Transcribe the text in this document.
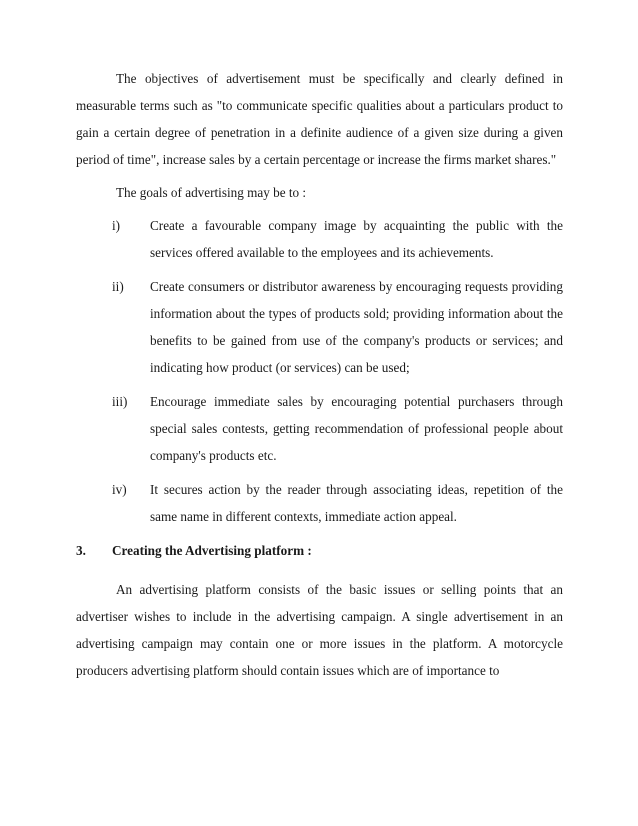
The objectives of advertisement must be specifically and clearly defined in measurable terms such as "to communicate specific qualities about a particulars product to gain a certain degree of penetration in a definite audience of a given size during a given period of time", increase sales by a certain percentage or increase the firms market shares."

The goals of advertising may be to :
i) Create a favourable company image by acquainting the public with the services offered available to the employees and its achievements.
ii) Create consumers or distributor awareness by encouraging requests providing information about the types of products sold; providing information about the benefits to be gained from use of the company's products or services; and indicating how product (or services) can be used;
iii) Encourage immediate sales by encouraging potential purchasers through special sales contests, getting recommendation of professional people about company's products etc.
iv) It secures action by the reader through associating ideas, repetition of the same name in different contexts, immediate action appeal.
3. Creating the Advertising platform :

An advertising platform consists of the basic issues or selling points that an advertiser wishes to include in the advertising campaign. A single advertisement in an advertising campaign may contain one or more issues in the platform. A motorcycle producers advertising platform should contain issues which are of importance to
